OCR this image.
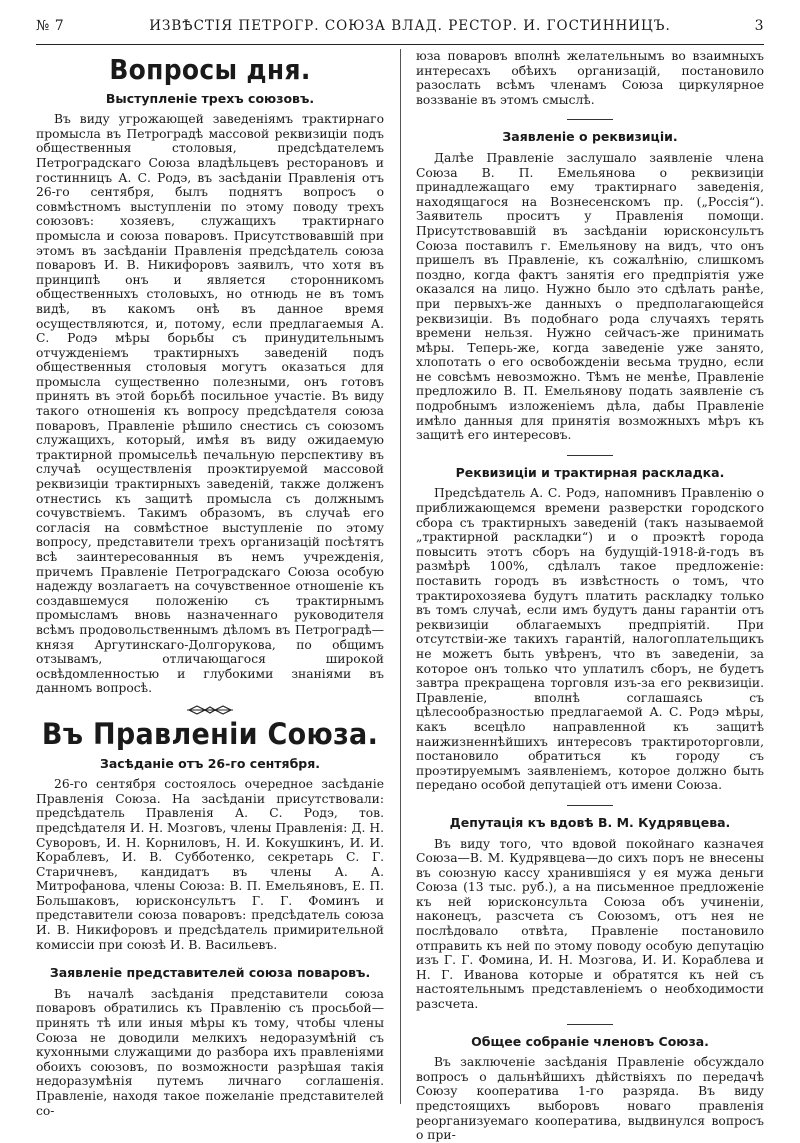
№ 7	ИЗВѢСТІЯ ПЕТРОГР. СОЮЗА ВЛАД. РЕСТОР. И. ГОСТИННИЦЪ.	3
Вопросы дня.
Выступленіе трехъ союзовъ.

Въ виду угрожающей заведеніямъ трактирнаго промысла въ Петроградѣ массовой реквизиціи подъ общественныя столовыя, предсѣдателемъ Петроградскаго Союза владѣльцевъ ресторановъ и гостинницъ А. С. Родэ, въ засѣданіи Правленія отъ 26-го сентября, былъ поднятъ вопросъ о совмѣстномъ выступленіи по этому поводу трехъ союзовъ: хозяевъ, служащихъ трактирнаго промысла и союза поваровъ. Присутствовавшій при этомъ въ засѣданіи Правленія предсѣдатель союза поваровъ И. В. Никифоровъ заявилъ, что хотя въ принципѣ онъ и является сторонникомъ общественныхъ столовыхъ, но отнюдь не въ томъ видѣ, въ какомъ онѣ въ данное время осуществляются, и, потому, если предлагаемыя А. С. Родэ мѣры борьбы съ принудительнымъ отчужденіемъ трактирныхъ заведеній подъ общественныя столовыя могутъ оказаться для промысла существенно полезными, онъ готовъ принять въ этой борьбѣ посильное участіе. Въ виду такого отношенія къ вопросу предсѣдателя союза поваровъ, Правленіе рѣшило снестись съ союзомъ служащихъ, который, имѣя въ виду ожидаемую трактирной промысельѣ печальную перспективу въ случаѣ осуществленія проэктируемой массовой реквизиціи трактирныхъ заведеній, также долженъ отнестись къ защитѣ промысла съ должнымъ сочувствіемъ. Такимъ образомъ, въ случаѣ его согласія на совмѣстное выступленіе по этому вопросу, представители трехъ организацій посѣтятъ всѣ заинтересованныя въ немъ учрежденія, причемъ Правленіе Петроградскаго Союза особую надежду возлагаетъ на сочувственное отношеніе къ создавшемуся положенію съ трактирнымъ промысламъ вновь назначеннаго руководителя всѣмъ продовольственнымъ дѣломъ въ Петроградѣ—князя Аргутинскаго-Долгорукова, по общимъ отзывамъ, отличающагося широкой освѣдомленностью и глубокими знаніями въ данномъ вопросѣ.

Въ Правленіи Союза.
Засѣданіе отъ 26-го сентября.

26-го сентября состоялось очередное засѣданіе Правленія Союза. На засѣданіи присутствовали: предсѣдатель Правленія А. С. Родэ, тов. предсѣдателя И. Н. Мозговъ, члены Правленія: Д. Н. Суворовъ, И. Н. Корниловъ, Н. И. Кокушкинъ, И. И. Кораблевъ, И. В. Субботенко, секретарь С. Г. Старичневъ, кандидатъ въ члены А. А. Митрофанова, члены Союза: В. П. Емельяновъ, Е. П. Большаковъ, юрисконсультъ Г. Г. Фоминъ и представители союза поваровъ: предсѣдатель союза И. В. Никифоровъ и предсѣдатель примирительной комиссіи при союзѣ И. В. Васильевъ.

Заявленіе представителей союза поваровъ.

Въ началѣ засѣданія представители союза поваровъ обратились къ Правленію съ просьбой—принять тѣ или иныя мѣры къ тому, чтобы члены Союза не доводили мелкихъ недоразумѣній съ кухонными служащими до разбора ихъ правленіями обоихъ союзовъ, по возможности разрѣшая такія недоразумѣнія путемъ личнаго соглашенія. Правленіе, находя такое пожеланіе представителей со-

юза поваровъ вполнѣ желательнымъ во взаимныхъ интересахъ обѣихъ организацій, постановило разослать всѣмъ членамъ Союза циркулярное воззваніе въ этомъ смыслѣ.

Заявленіе о реквизиціи.

Далѣе Правленіе заслушало заявленіе члена Союза В. П. Емельянова о реквизиціи принадлежащаго ему трактирнаго заведенія, находящагося на Вознесенскомъ пр. („Россія“). Заявитель проситъ у Правленія помощи. Присутствовавшій въ засѣданіи юрисконсультъ Союза поставилъ г. Емельянову на видъ, что онъ пришелъ въ Правленіе, къ сожалѣнію, слишкомъ поздно, когда фактъ занятія его предпріятія уже оказался на лицо. Нужно было это сдѣлать ранѣе, при первыхъ-же данныхъ о предполагающейся реквизиціи. Въ подобнаго рода случаяхъ терять времени нельзя. Нужно сейчасъ-же принимать мѣры. Теперь-же, когда заведеніе уже занято, хлопотать о его освобожденіи весьма трудно, если не совсѣмъ невозможно. Тѣмъ не менѣе, Правленіе предложило В. П. Емельянову подать заявленіе съ подробнымъ изложеніемъ дѣла, дабы Правленіе имѣло данныя для принятія возможныхъ мѣръ къ защитѣ его интересовъ.

Реквизиціи и трактирная раскладка.

Предсѣдатель А. С. Родэ, напомнивъ Правленію о приближающемся времени разверстки городского сбора съ трактирныхъ заведеній (такъ называемой „трактирной раскладки“) и о проэктѣ города повысить этотъ сборъ на будущій-1918-й-годъ въ размѣрѣ 100%, сдѣлалъ такое предложеніе: поставить городъ въ извѣстность о томъ, что трактирохозяева будутъ платить раскладку только въ томъ случаѣ, если имъ будутъ даны гарантіи отъ реквизиціи облагаемыхъ предпріятій. При отсутствіи-же такихъ гарантій, налогоплательщикъ не можетъ быть увѣренъ, что въ заведеніи, за которое онъ только что уплатилъ сборъ, не будетъ завтра прекращена торговля изъ-за его реквизиціи. Правленіе, вполнѣ соглашаясь съ цѣлесообразностью предлагаемой А. С. Родэ мѣры, какъ всецѣло направленной къ защитѣ наижизненнѣйшихъ интересовъ трактироторговли, постановило обратиться къ городу съ проэтируемымъ заявленіемъ, которое должно быть передано особой депутаціей отъ имени Союза.

Депутація къ вдовѣ В. М. Кудрявцева.

Въ виду того, что вдовой покойнаго казначея Союза—В. М. Кудрявцева—до сихъ поръ не внесены въ союзную кассу хранившіяся у ея мужа деньги Союза (13 тыс. руб.), а на письменное предложеніе къ ней юрисконсульта Союза объ учиненіи, наконецъ, разсчета съ Союзомъ, отъ нея не послѣдовало отвѣта, Правленіе постановило отправить къ ней по этому поводу особую депутацію изъ Г. Г. Фомина, И. Н. Мозгова, И. И. Кораблева и Н. Г. Иванова которые и обратятся къ ней съ настоятельнымъ представленіемъ о необходимости разсчета.

Общее собраніе членовъ Союза.

Въ заключеніе засѣданія Правленіе обсуждало вопросъ о дальнѣйшихъ дѣйствіяхъ по передачѣ Союзу кооператива 1-го разряда. Въ виду предстоящихъ выборовъ новаго правленія реорганизуемаго кооператива, выдвинулся вопросъ о при-
